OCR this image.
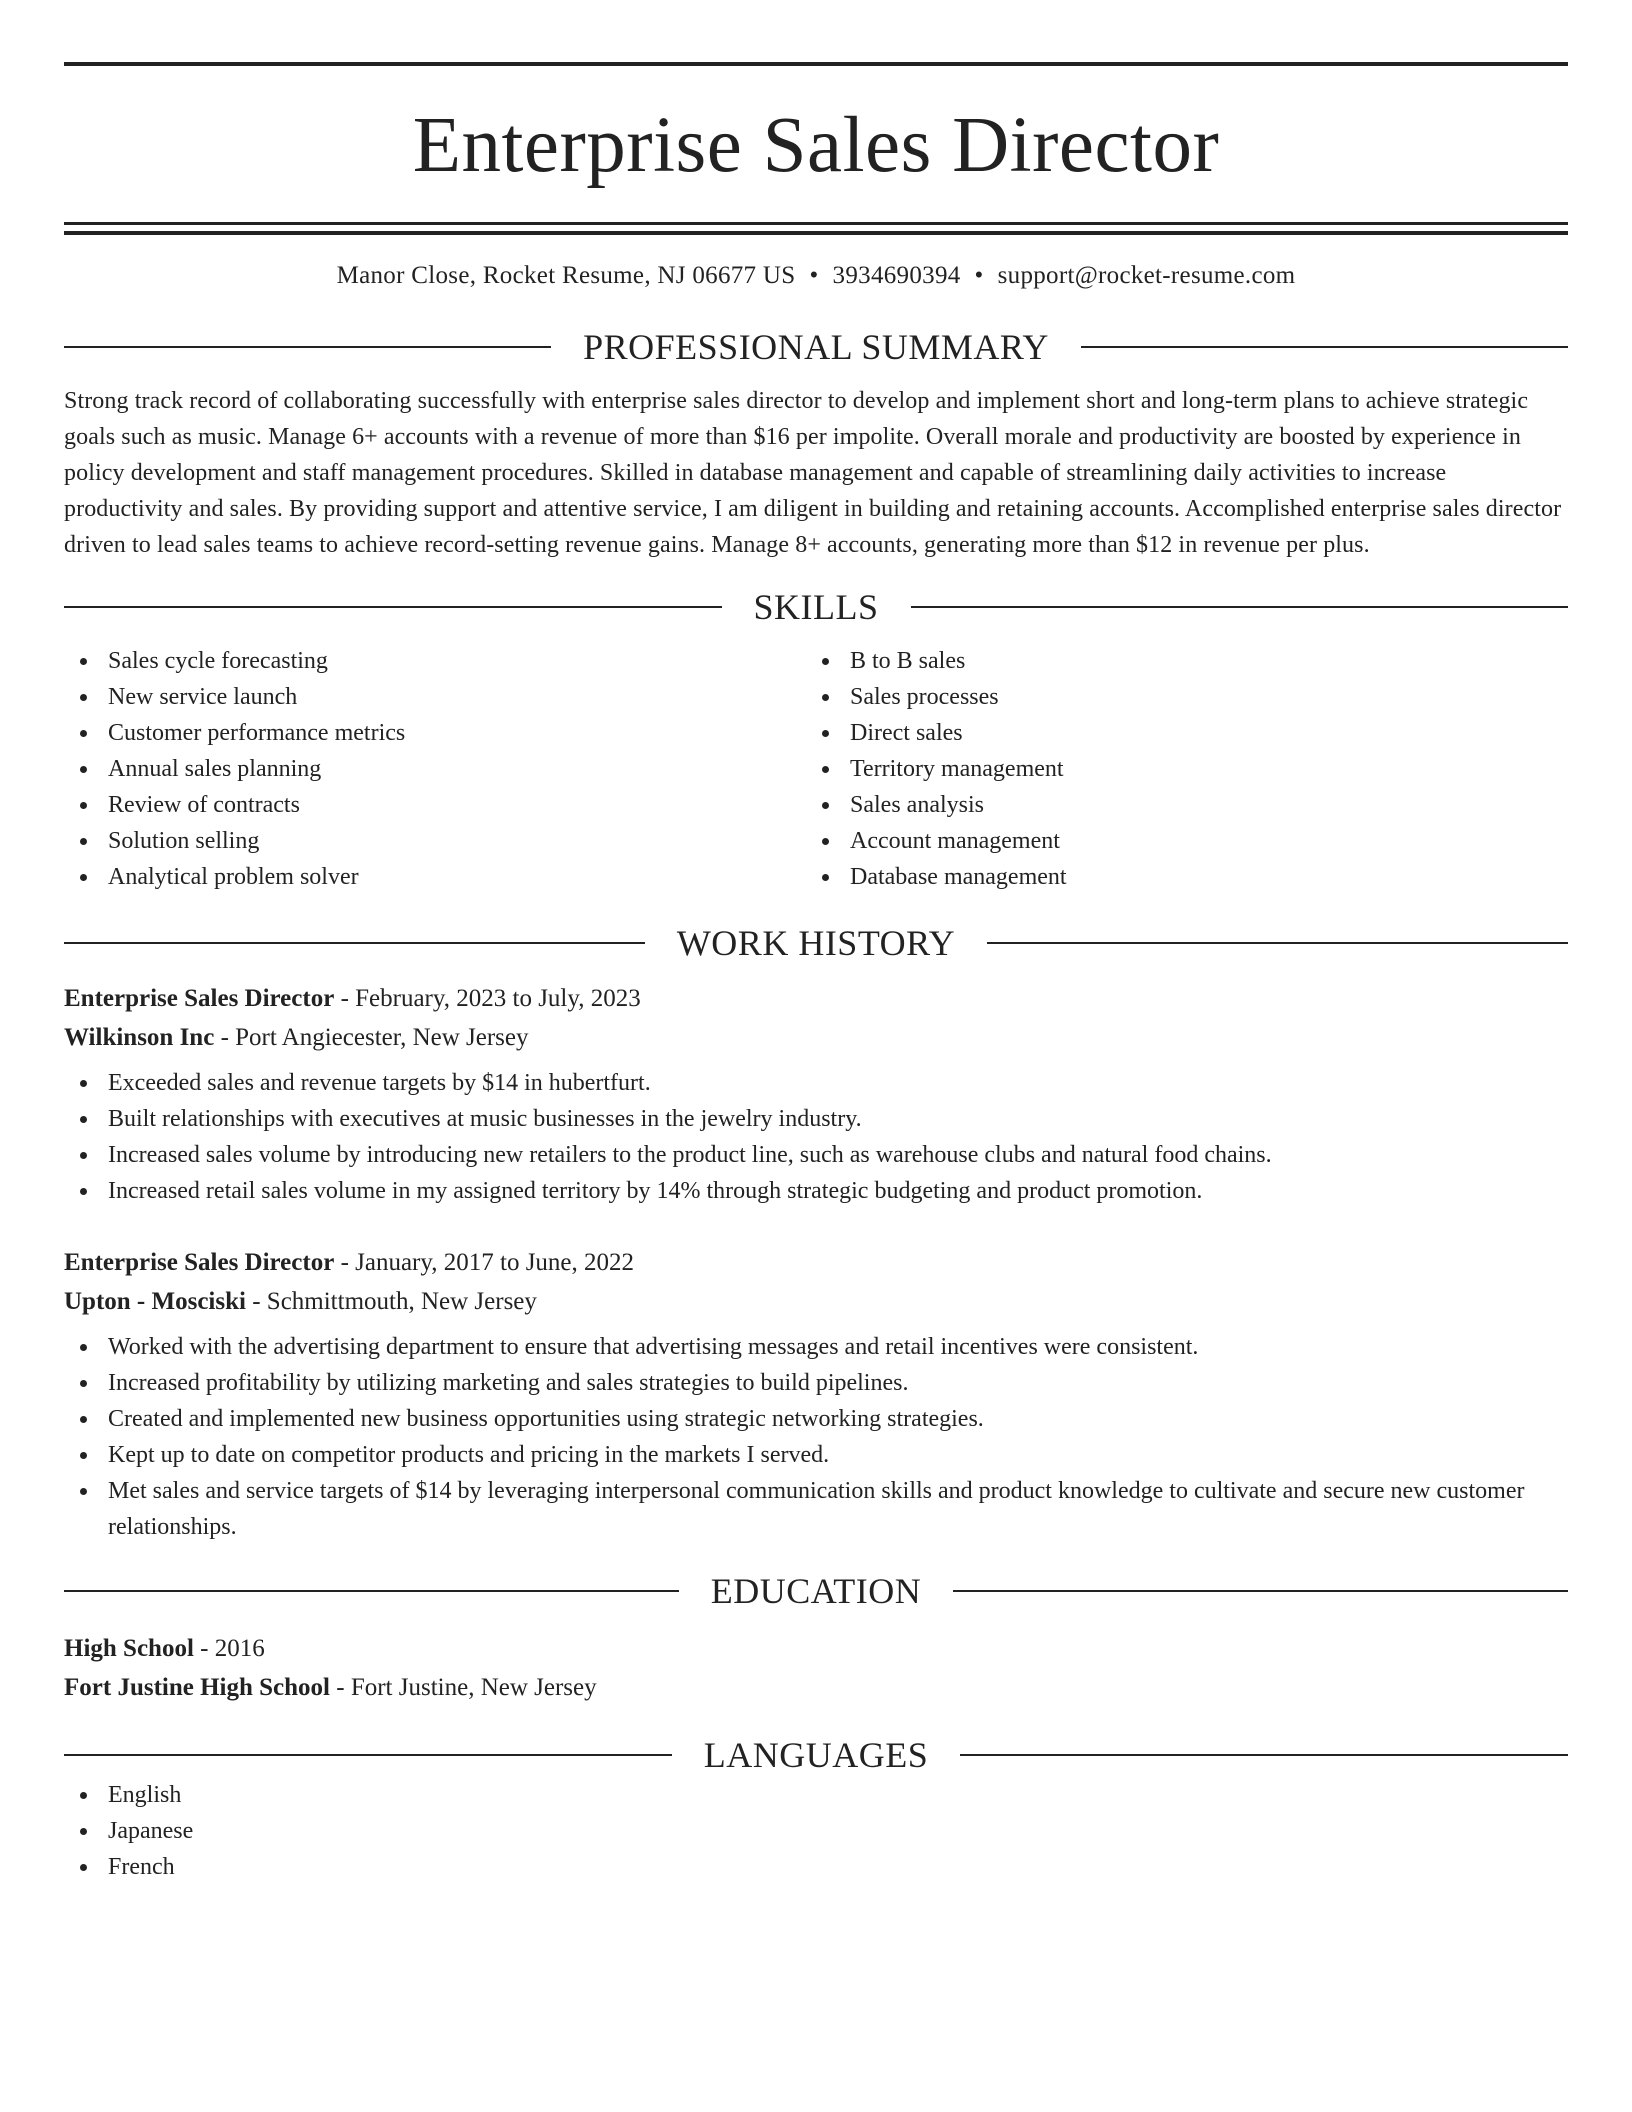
Enterprise Sales Director
Manor Close, Rocket Resume, NJ 06677 US • 3934690394 • support@rocket-resume.com
PROFESSIONAL SUMMARY
Strong track record of collaborating successfully with enterprise sales director to develop and implement short and long-term plans to achieve strategic goals such as music. Manage 6+ accounts with a revenue of more than $16 per impolite. Overall morale and productivity are boosted by experience in policy development and staff management procedures. Skilled in database management and capable of streamlining daily activities to increase productivity and sales. By providing support and attentive service, I am diligent in building and retaining accounts. Accomplished enterprise sales director driven to lead sales teams to achieve record-setting revenue gains. Manage 8+ accounts, generating more than $12 in revenue per plus.
SKILLS
Sales cycle forecasting
New service launch
Customer performance metrics
Annual sales planning
Review of contracts
Solution selling
Analytical problem solver
B to B sales
Sales processes
Direct sales
Territory management
Sales analysis
Account management
Database management
WORK HISTORY
Enterprise Sales Director - February, 2023 to July, 2023
Wilkinson Inc - Port Angiecester, New Jersey
Exceeded sales and revenue targets by $14 in hubertfurt.
Built relationships with executives at music businesses in the jewelry industry.
Increased sales volume by introducing new retailers to the product line, such as warehouse clubs and natural food chains.
Increased retail sales volume in my assigned territory by 14% through strategic budgeting and product promotion.
Enterprise Sales Director - January, 2017 to June, 2022
Upton - Mosciski - Schmittmouth, New Jersey
Worked with the advertising department to ensure that advertising messages and retail incentives were consistent.
Increased profitability by utilizing marketing and sales strategies to build pipelines.
Created and implemented new business opportunities using strategic networking strategies.
Kept up to date on competitor products and pricing in the markets I served.
Met sales and service targets of $14 by leveraging interpersonal communication skills and product knowledge to cultivate and secure new customer relationships.
EDUCATION
High School - 2016
Fort Justine High School - Fort Justine, New Jersey
LANGUAGES
English
Japanese
French
